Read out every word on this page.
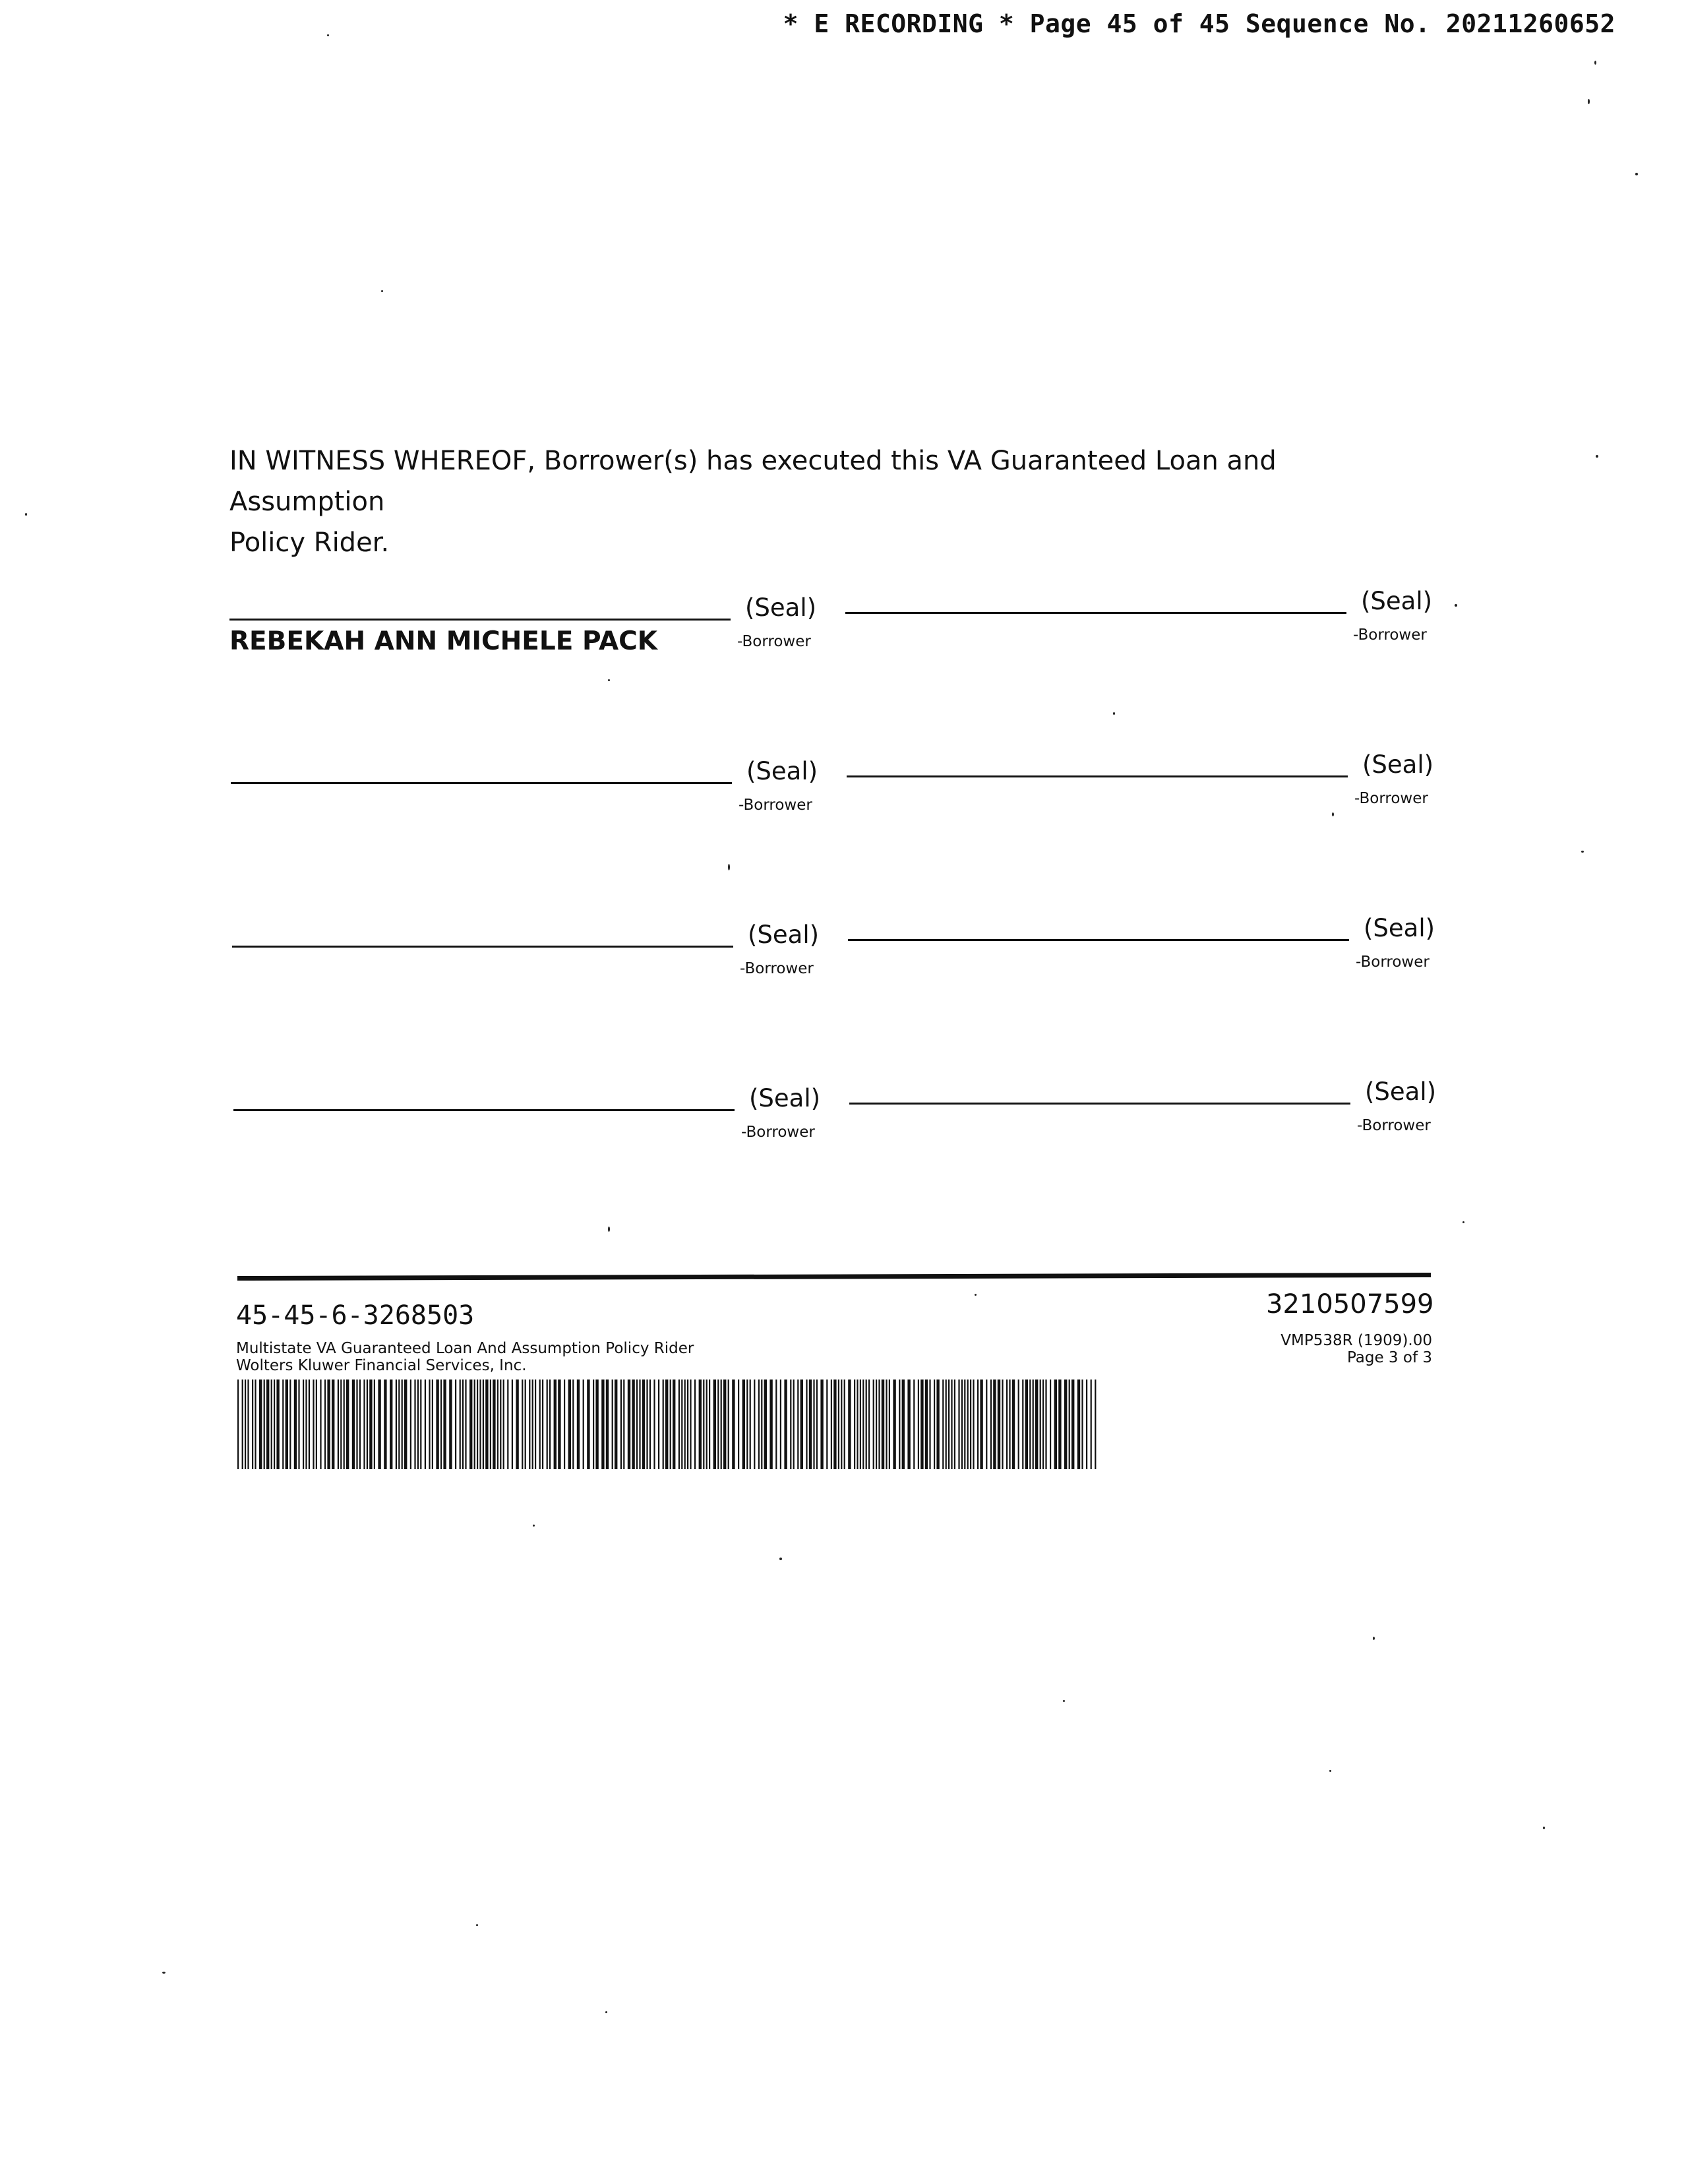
* E RECORDING * Page 45 of 45 Sequence No. 20211260652
IN WITNESS WHEREOF, Borrower(s) has executed this VA Guaranteed Loan and Assumption
Policy Rider.
(Seal)
-Borrower
REBEKAH ANN MICHELE PACK
(Seal)
-Borrower
(Seal)
-Borrower
(Seal)
-Borrower
(Seal)
-Borrower
(Seal)
-Borrower
(Seal)
-Borrower
(Seal)
-Borrower
45-45-6-3268503
Multistate VA Guaranteed Loan And Assumption Policy Rider
Wolters Kluwer Financial Services, Inc.
3210507599
VMP538R (1909).00
Page 3 of 3
